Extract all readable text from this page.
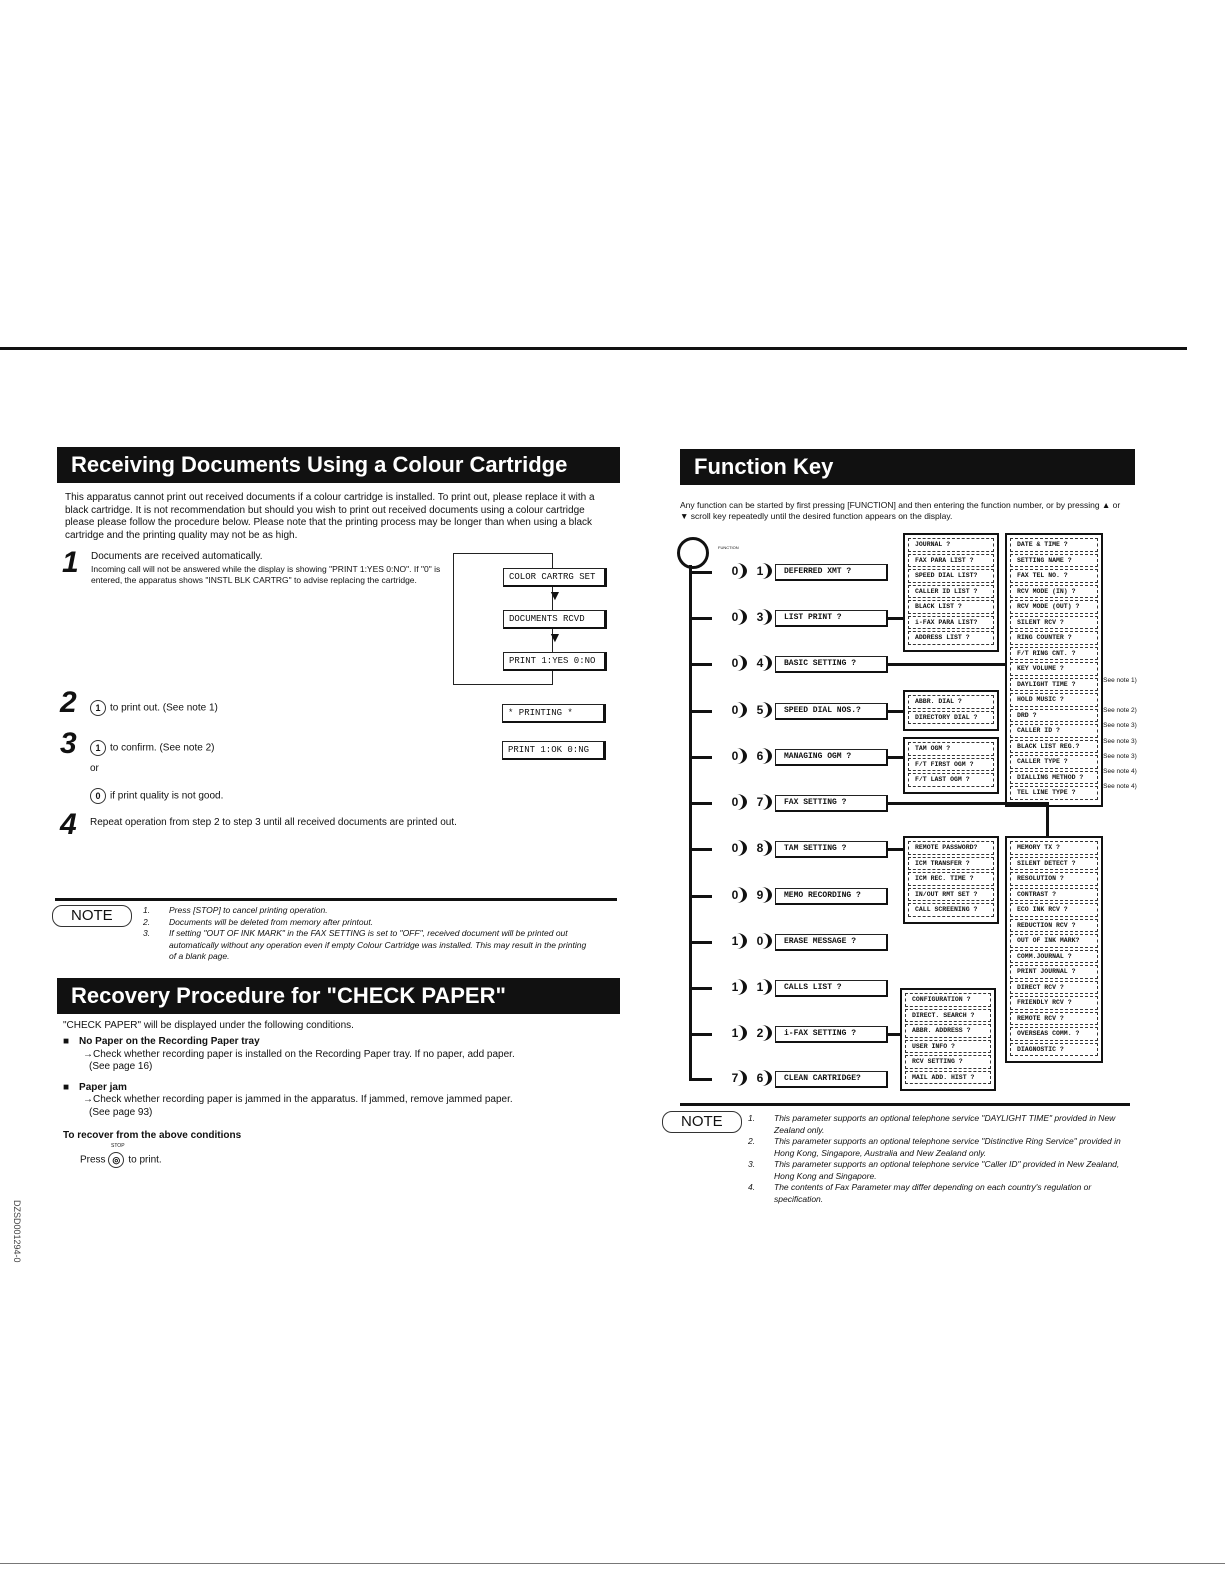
Receiving Documents Using a Colour Cartridge
This apparatus cannot print out received documents if a colour cartridge is installed. To print out, please replace it with a black cartridge. It is not recommendation but should you wish to print out received documents using a colour cartridge please please follow the procedure below. Please note that the printing process may be longer than when using a black cartridge and the printing quality may not be as high.
1 Documents are received automatically.
Incoming call will not be answered while the display is showing "PRINT 1:YES 0:NO". If "0" is entered, the apparatus shows "INSTL BLK CARTRG" to advise replacing the cartridge.	COLOR CARTRG SET
▼
DOCUMENTS RCVD
▼
PRINT 1:YES 0:NO
2	1 to print out. (See note 1)	* PRINTING *
3	1 to confirm. (See note 2)	PRINT 1:OK 0:NG
or
0 if print quality is not good.
4 Repeat operation from step 2 to step 3 until all received documents are printed out.
NOTE	1. Press [STOP] to cancel printing operation.
2. Documents will be deleted from memory after printout.
3. If setting "OUT OF INK MARK" in the FAX SETTING is set to "OFF", received document will be printed out automatically without any operation even if empty Colour Cartridge was installed. This may result in the printing of a blank page.
Recovery Procedure for "CHECK PAPER"
"CHECK PAPER" will be displayed under the following conditions.
■ No Paper on the Recording Paper tray
→Check whether recording paper is installed on the Recording Paper tray. If no paper, add paper.
(See page 16)
■ Paper jam
→Check whether recording paper is jammed in the apparatus. If jammed, remove jammed paper.
(See page 93)
To recover from the above conditions
STOP
Press ◎ to print.
DZSD001294-0
Function Key
Any function can be started by first pressing [FUNCTION] and then entering the function number, or by pressing ▲ or ▼ scroll key repeatedly until the desired function appears on the display.
FUNCTION
0	1	DEFERRED XMT ?
0	3	LIST PRINT ?
0	4	BASIC SETTING ?
0	5	SPEED DIAL NOS.?
0	6	MANAGING OGM ?
0	7	FAX SETTING ?
0	8	TAM SETTING ?
0	9	MEMO RECORDING ?
1	0	ERASE MESSAGE ?
1	1	CALLS LIST ?
1	2	i-FAX SETTING ?
7	6	CLEAN CARTRIDGE?
JOURNAL ?
FAX PARA LIST ?
SPEED DIAL LIST?
CALLER ID LIST ?
BLACK LIST ?
i-FAX PARA LIST?
ADDRESS LIST ?
DATE & TIME ?
SETTING NAME ?
FAX TEL NO. ?
RCV MODE (IN) ?
RCV MODE (OUT) ?
SILENT RCV ?
RING COUNTER ?
F/T RING CNT. ?
KEY VOLUME ?
DAYLIGHT TIME ?
HOLD MUSIC ?
DRD ?
CALLER ID ?
BLACK LIST REG.?
CALLER TYPE ?
DIALLING METHOD ?
TEL LINE TYPE ?
ABBR. DIAL ?
DIRECTORY DIAL ?
TAM OGM ?
F/T FIRST OGM ?
F/T LAST OGM ?
REMOTE PASSWORD?
ICM TRANSFER ?
ICM REC. TIME ?
IN/OUT RMT SET ?
CALL SCREENING ?
MEMORY TX ?
SILENT DETECT ?
RESOLUTION ?
CONTRAST ?
ECO INK RCV ?
REDUCTION RCV ?
OUT OF INK MARK?
COMM.JOURNAL ?
PRINT JOURNAL ?
DIRECT RCV ?
FRIENDLY RCV ?
REMOTE RCV ?
OVERSEAS COMM. ?
DIAGNOSTIC ?
CONFIGURATION ?
DIRECT. SEARCH ?
ABBR. ADDRESS ?
USER INFO ?
RCV SETTING ?
MAIL ADD. HIST ?
(See note 1)
(See note 2)
(See note 3)
(See note 3)
(See note 3)
(See note 4)
(See note 4)
NOTE	1. This parameter supports an optional telephone service "DAYLIGHT TIME" provided in New Zealand only.
2. This parameter supports an optional telephone service "Distinctive Ring Service" provided in Hong Kong, Singapore, Australia and New Zealand only.
3. This parameter supports an optional telephone service "Caller ID" provided in New Zealand, Hong Kong and Singapore.
4. The contents of Fax Parameter may differ depending on each country's regulation or specification.
